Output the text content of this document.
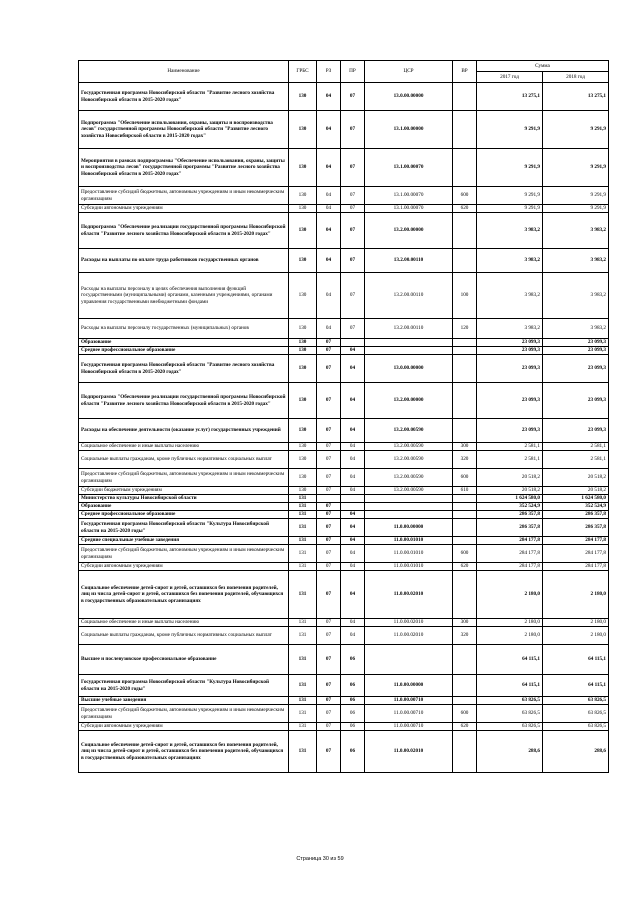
Наименование	ГРБС	РЗ	ПР	ЦСР	ВР	Сумма	
						2017 год	2018 год
Государственная программа Новосибирской области "Развитие лесного хозяйства Новосибирской области в 2015-2020 годах"	130	04	07	13.0.00.00000		13 275,1	13 275,1
Подпрограмма "Обеспечение использования, охраны, защиты и воспроизводства лесов" государственной программы Новосибирской области "Развитие лесного хозяйства Новосибирской области в 2015-2020 годах"	130	04	07	13.1.00.00000		9 291,9	9 291,9
Мероприятия в рамках подпрограммы "Обеспечение использования, охраны, защиты и воспроизводства лесов" государственной программы "Развитие лесного хозяйства Новосибирской области в 2015-2020 годах"	130	04	07	13.1.00.00070		9 291,9	9 291,9
Предоставление субсидий бюджетным, автономным учреждениям и иным некоммерческим организациям	130	04	07	13.1.00.00070	600	9 291,9	9 291,9
Субсидии автономным учреждениям	130	04	07	13.1.00.00070	620	9 291,9	9 291,9
Подпрограмма "Обеспечение реализации государственной программы Новосибирской области "Развитие лесного хозяйства Новосибирской области в 2015-2020 годах"	130	04	07	13.2.00.00000		3 983,2	3 983,2
Расходы на выплаты по оплате труда работников государственных органов	130	04	07	13.2.00.00110		3 983,2	3 983,2
Расходы на выплаты персоналу в целях обеспечения выполнения функций государственными (муниципальными) органами, казенными учреждениями, органами управления государственными внебюджетными фондами	130	04	07	13.2.00.00110	100	3 983,2	3 983,2
Расходы на выплаты персоналу государственных (муниципальных) органов	130	04	07	13.2.00.00110	120	3 983,2	3 983,2
Образование	130	07				23 099,3	23 099,3
Среднее профессиональное образование	130	07	04			23 099,3	23 099,3
Государственная программа Новосибирской области "Развитие лесного хозяйства Новосибирской области в 2015-2020 годах"	130	07	04	13.0.00.00000		23 099,3	23 099,3
Подпрограмма "Обеспечение реализации государственной программы Новосибирской области "Развитие лесного хозяйства Новосибирской области в 2015-2020 годах"	130	07	04	13.2.00.00000		23 099,3	23 099,3
Расходы на обеспечение деятельности (оказание услуг) государственных учреждений	130	07	04	13.2.00.00590		23 099,3	23 099,3
Социальное обеспечение и иные выплаты населению	130	07	04	13.2.00.00590	300	2 581,1	2 581,1
Социальные выплаты гражданам, кроме публичных нормативных социальных выплат	130	07	04	13.2.00.00590	320	2 581,1	2 581,1
Предоставление субсидий бюджетным, автономным учреждениям и иным некоммерческим организациям	130	07	04	13.2.00.00590	600	20 518,2	20 518,2
Субсидии бюджетным учреждениям	130	07	04	13.2.00.00590	610	20 518,2	20 518,2
Министерство культуры Новосибирской области	131					1 624 580,0	1 624 580,0
Образование	131	07				352 524,9	352 524,9
Среднее профессиональное образование	131	07	04			286 357,8	286 357,8
Государственная программа Новосибирской области "Культура Новосибирской области на 2015-2020 годы"	131	07	04	11.0.00.00000		286 357,8	286 357,8
Средние специальные учебные заведения	131	07	04	11.0.00.01010		284 177,8	284 177,8
Предоставление субсидий бюджетным, автономным учреждениям и иным некоммерческим организациям	131	07	04	11.0.00.01010	600	284 177,8	284 177,8
Субсидии автономным учреждениям	131	07	04	11.0.00.01010	620	284 177,8	284 177,8
Социальное обеспечение детей-сирот и детей, оставшихся без попечения родителей, лиц из числа детей-сирот и детей, оставшихся без попечения родителей, обучающихся в государственных образовательных организациях	131	07	04	11.0.00.02010		2 180,0	2 180,0
Социальное обеспечение и иные выплаты населению	131	07	04	11.0.00.02010	300	2 180,0	2 180,0
Социальные выплаты гражданам, кроме публичных нормативных социальных выплат	131	07	04	11.0.00.02010	320	2 180,0	2 180,0
Высшее и послевузовское профессиональное образование	131	07	06			64 115,1	64 115,1
Государственная программа Новосибирской области "Культура Новосибирской области на 2015-2020 годы"	131	07	06	11.0.00.00000		64 115,1	64 115,1
Высшие учебные заведения	131	07	06	11.0.00.00710		63 826,5	63 826,5
Предоставление субсидий бюджетным, автономным учреждениям и иным некоммерческим организациям	131	07	06	11.0.00.00710	600	63 826,5	63 826,5
Субсидии автономным учреждениям	131	07	06	11.0.00.00710	620	63 826,5	63 826,5
Социальное обеспечение детей-сирот и детей, оставшихся без попечения родителей, лиц из числа детей-сирот и детей, оставшихся без попечения родителей, обучающихся в государственных образовательных организациях	131	07	06	11.0.00.02010		288,6	288,6
Страница 30 из 59
